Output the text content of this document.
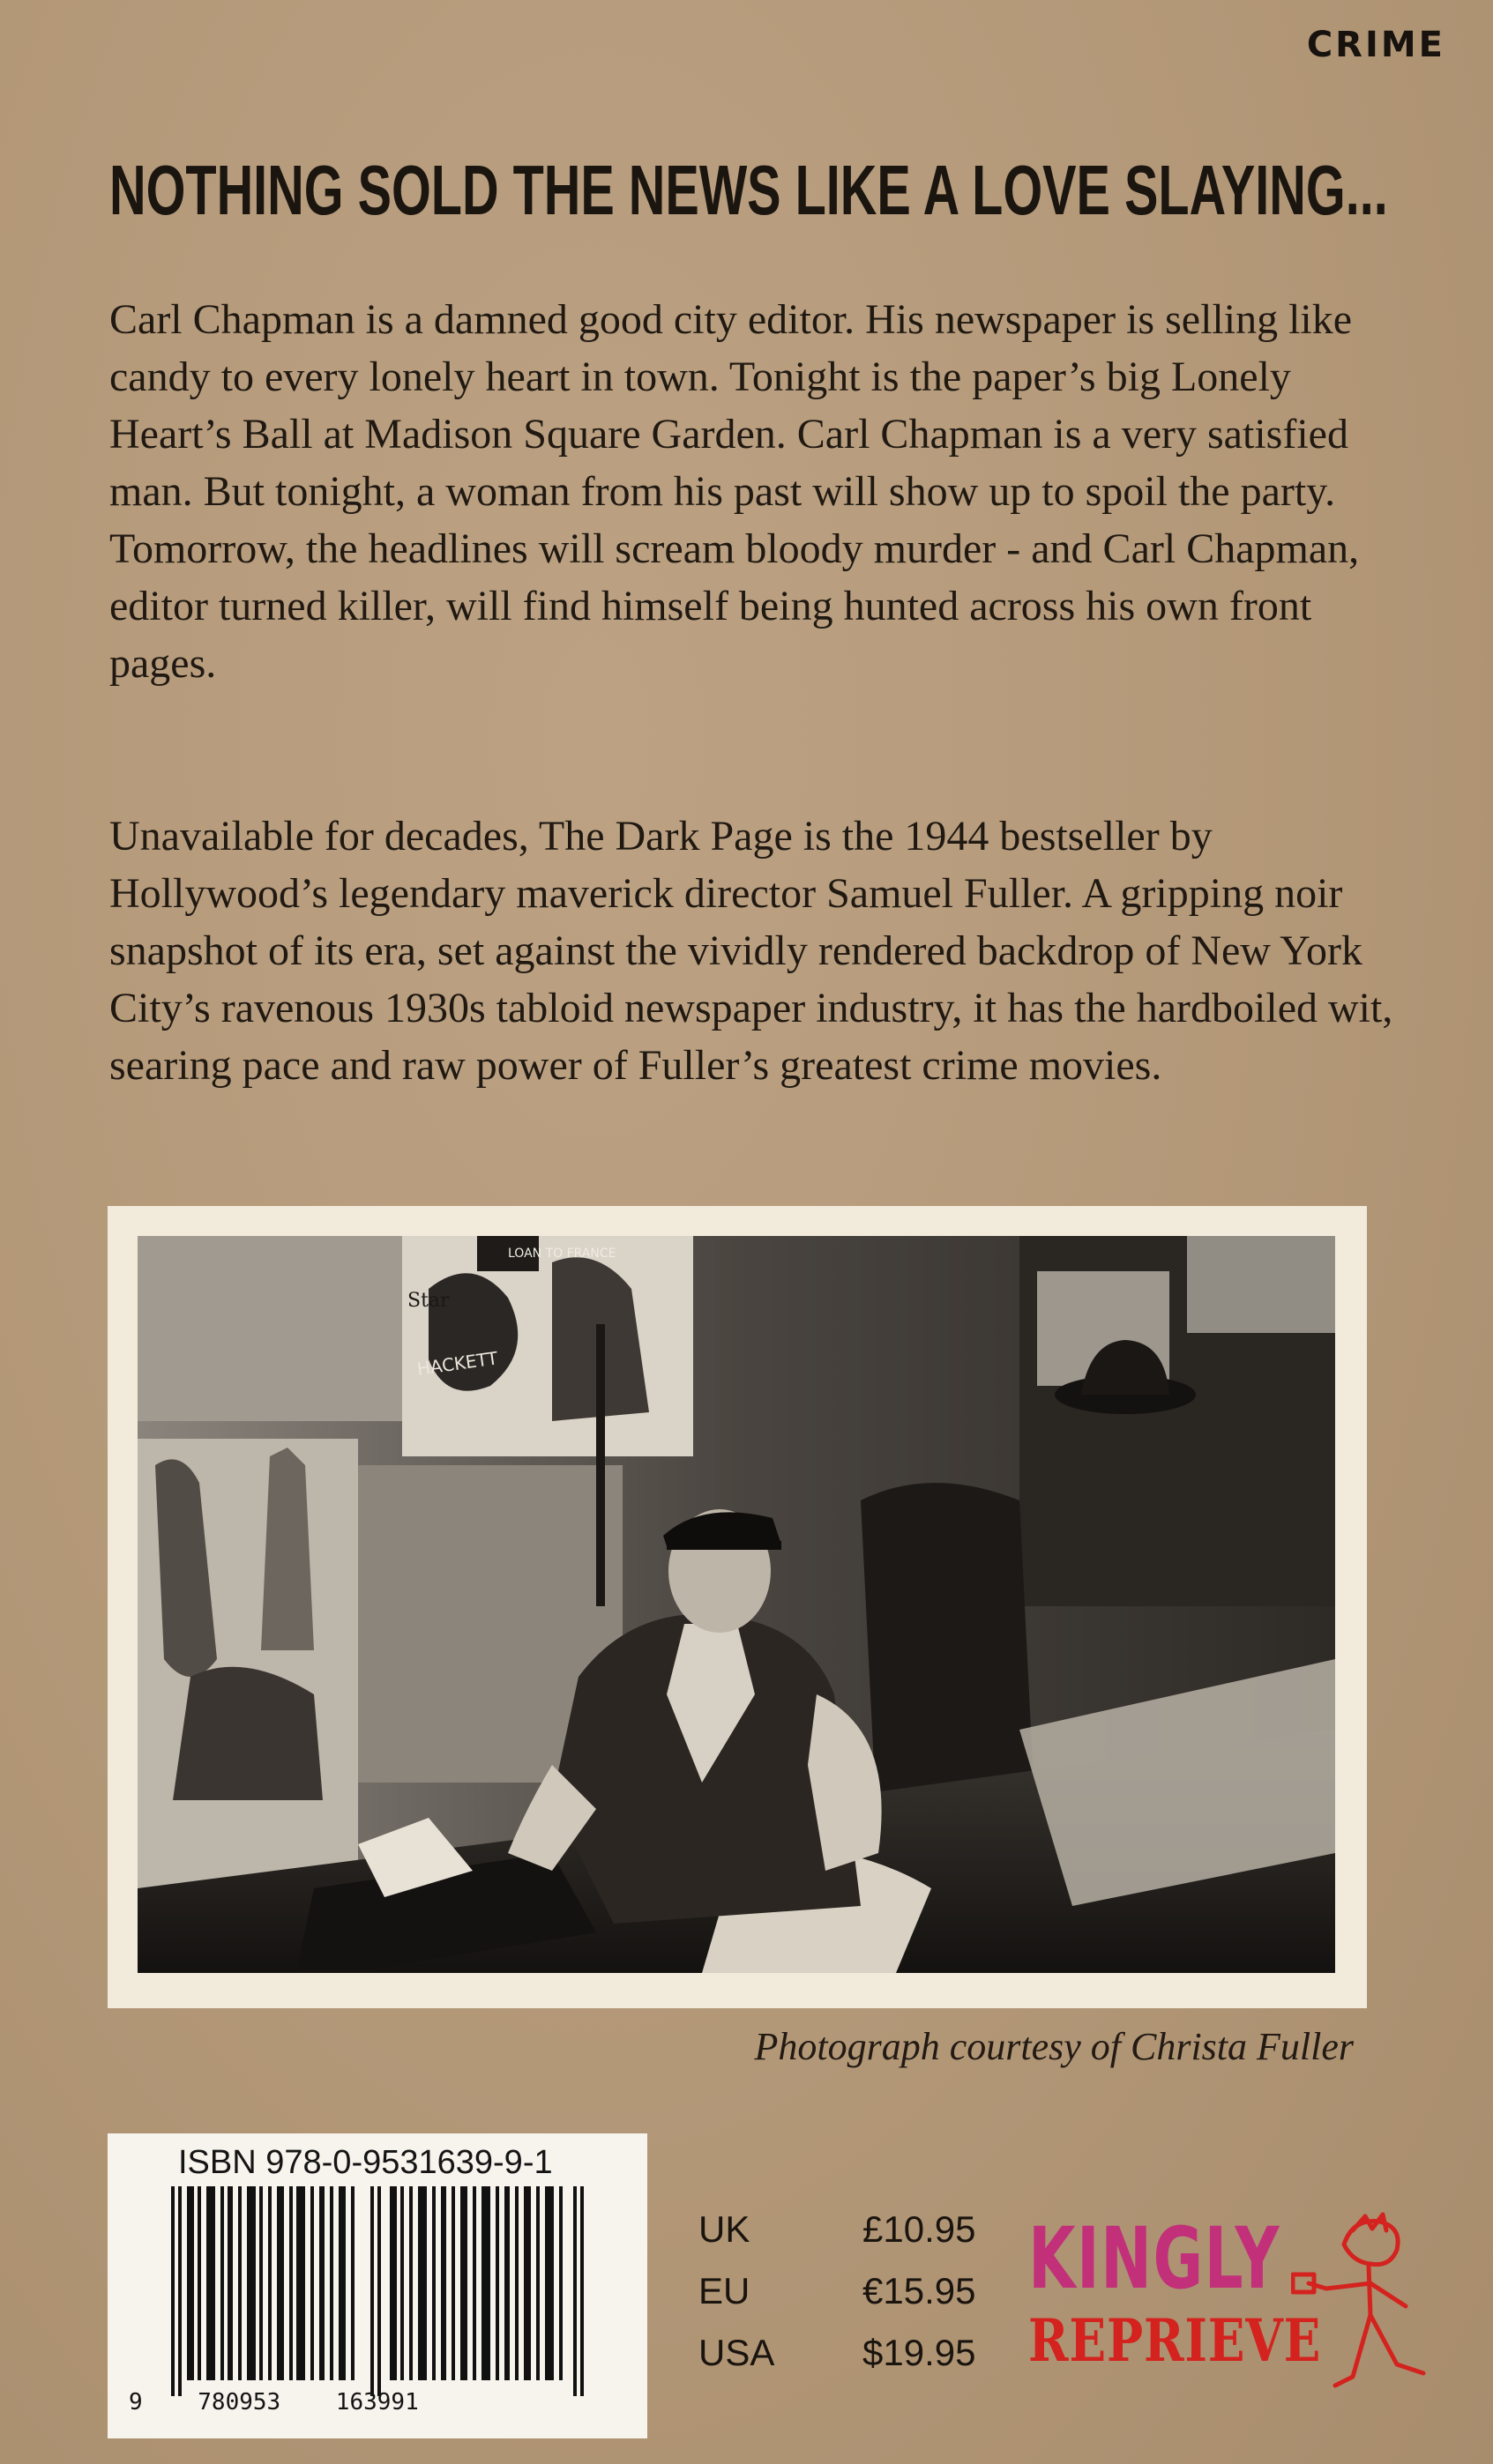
CRIME
NOTHING SOLD THE NEWS LIKE A LOVE SLAYING...

Carl Chapman is a damned good city editor. His newspaper is selling like candy to every lonely heart in town. Tonight is the paper’s big Lonely Heart’s Ball at Madison Square Garden. Carl Chapman is a very satisfied man. But tonight, a woman from his past will show up to spoil the party. Tomorrow, the headlines will scream bloody murder - and Carl Chapman, editor turned killer, will find himself being hunted across his own front pages.

Unavailable for decades, The Dark Page is the 1944 bestseller by Hollywood’s legendary maverick director Samuel Fuller. A gripping noir snapshot of its era, set against the vividly rendered backdrop of New York City’s ravenous 1930s tabloid newspaper industry, it has the hardboiled wit, searing pace and raw power of Fuller’s greatest crime movies.

LOAN TO FRANCE
Star
HACKETT
Photograph courtesy of Christa Fuller
ISBN 978-0-9531639-9-1
9    780953    163991
UK	£10.95
EU	€15.95
USA	$19.95
KINGLY
REPRIEVE
